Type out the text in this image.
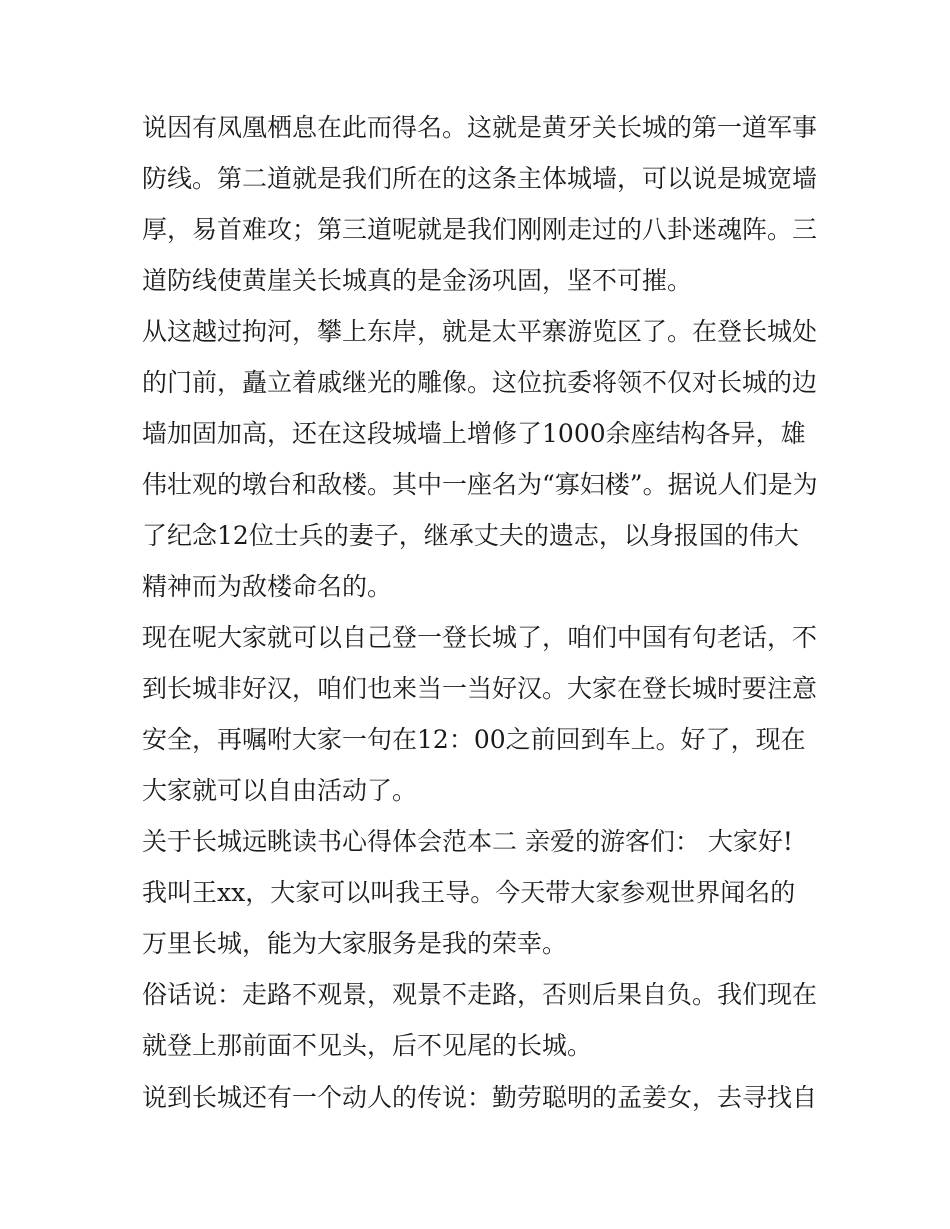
说因有凤凰栖息在此而得名。这就是黄牙关长城的第一道军事
防线。第二道就是我们所在的这条主体城墙，可以说是城宽墙
厚，易首难攻；第三道呢就是我们刚刚走过的八卦迷魂阵。三
道防线使黄崖关长城真的是金汤巩固，坚不可摧。
从这越过拘河，攀上东岸，就是太平寨游览区了。在登长城处
的门前，矗立着戚继光的雕像。这位抗委将领不仅对长城的边
墙加固加高，还在这段城墙上增修了1000余座结构各异，雄
伟壮观的墩台和敌楼。其中一座名为“寡妇楼”。据说人们是为
了纪念12位士兵的妻子，继承丈夫的遗志，以身报国的伟大
精神而为敌楼命名的。
现在呢大家就可以自己登一登长城了，咱们中国有句老话，不
到长城非好汉，咱们也来当一当好汉。大家在登长城时要注意
安全，再嘱咐大家一句在12：00之前回到车上。好了，现在
大家就可以自由活动了。
关于长城远眺读书心得体会范本二 亲爱的游客们： 大家好!
我叫王xx，大家可以叫我王导。今天带大家参观世界闻名的
万里长城，能为大家服务是我的荣幸。
俗话说：走路不观景，观景不走路，否则后果自负。我们现在
就登上那前面不见头，后不见尾的长城。
说到长城还有一个动人的传说：勤劳聪明的孟姜女，去寻找自
